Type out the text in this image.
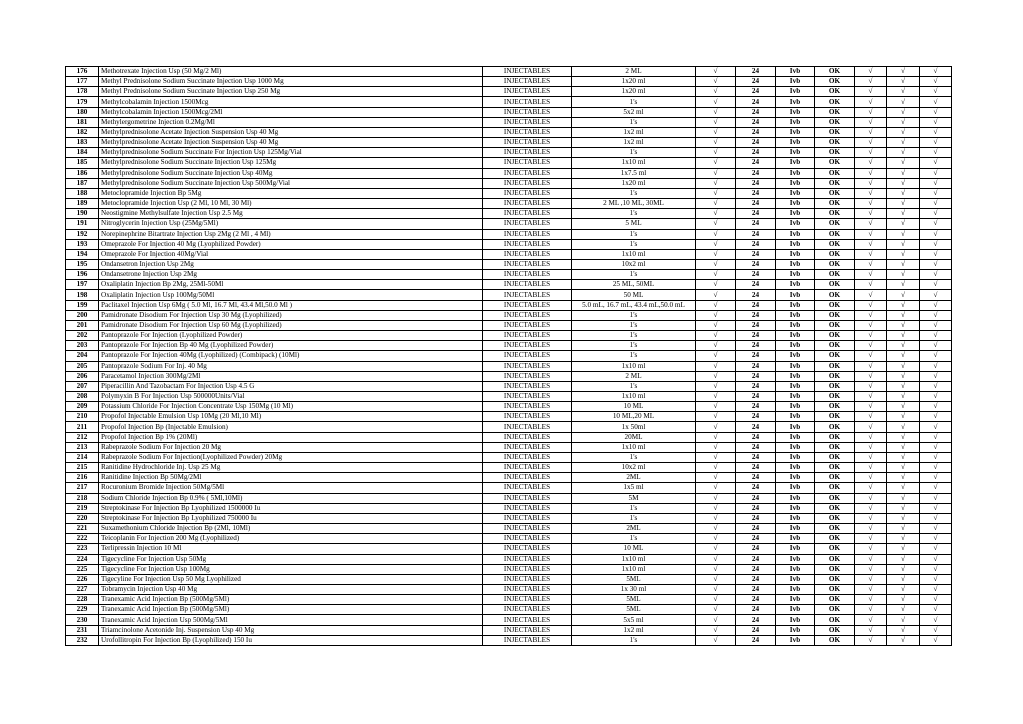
176	Methotrexate Injection Usp (50 Mg/2 Ml)	INJECTABLES	2 ML	√	24	Ivb	OK	√	√	√
177	Methyl Prednisolone Sodium Succinate Injection Usp 1000 Mg	INJECTABLES	1x20 ml	√	24	Ivb	OK	√	√	√
178	Methyl Prednisolone Sodium Succinate Injection Usp 250 Mg	INJECTABLES	1x20 ml	√	24	Ivb	OK	√	√	√
179	Methylcobalamin Injection 1500Mcg	INJECTABLES	1's	√	24	Ivb	OK	√	√	√
180	Methylcobalamin Injection 1500Mcg/2Ml	INJECTABLES	5x2 ml	√	24	Ivb	OK	√	√	√
181	Methylergometrine Injection 0.2Mg/Ml	INJECTABLES	1's	√	24	Ivb	OK	√	√	√
182	Methylprednisolone Acetate Injection Suspension Usp 40 Mg	INJECTABLES	1x2 ml	√	24	Ivb	OK	√	√	√
183	Methylprednisolone Acetate Injection Suspension Usp 40 Mg	INJECTABLES	1x2 ml	√	24	Ivb	OK	√	√	√
184	Methylprednisolone Sodium Succinate For Injection Usp 125Mg/Vial	INJECTABLES	1's	√	24	Ivb	OK	√	√	√
185	Methylprednisolone Sodium Succinate Injection Usp 125Mg	INJECTABLES	1x10 ml	√	24	Ivb	OK	√	√	√
186	Methylprednisolone Sodium Succinate Injection Usp 40Mg	INJECTABLES	1x7.5 ml	√	24	Ivb	OK	√	√	√
187	Methylprednisolone Sodium Succinate Injection Usp 500Mg/Vial	INJECTABLES	1x20 ml	√	24	Ivb	OK	√	√	√
188	Metoclopramide Injection Bp 5Mg	INJECTABLES	1's	√	24	Ivb	OK	√	√	√
189	Metoclopramide Injection Usp (2 Ml, 10 Ml, 30 Ml)	INJECTABLES	2 ML ,10 ML, 30ML	√	24	Ivb	OK	√	√	√
190	Neostigmine Methylsulfate Injection Usp 2.5 Mg	INJECTABLES	1's	√	24	Ivb	OK	√	√	√
191	Nitroglycerin Injection Usp (25Mg/5Ml)	INJECTABLES	5 ML	√	24	Ivb	OK	√	√	√
192	Norepinephrine Bitartrate Injection Usp 2Mg (2 Ml , 4 Ml)	INJECTABLES	1's	√	24	Ivb	OK	√	√	√
193	Omeprazole For Injection 40 Mg (Lyophilized Powder)	INJECTABLES	1's	√	24	Ivb	OK	√	√	√
194	Omeprazole For Injection 40Mg/Vial	INJECTABLES	1x10 ml	√	24	Ivb	OK	√	√	√
195	Ondansetron Injection Usp 2Mg	INJECTABLES	10x2 ml	√	24	Ivb	OK	√	√	√
196	Ondansetrone Injection Usp 2Mg	INJECTABLES	1's	√	24	Ivb	OK	√	√	√
197	Oxaliplatin Injection Bp 2Mg, 25Ml-50Ml	INJECTABLES	25 ML, 50ML	√	24	Ivb	OK	√	√	√
198	Oxaliplatin Injection Usp 100Mg/50Ml	INJECTABLES	50 ML	√	24	Ivb	OK	√	√	√
199	Paclitaxel Injection Usp 6Mg ( 5.0 Ml, 16.7 Ml, 43.4 Ml,50.0 Ml )	INJECTABLES	5.0 mL, 16.7 mL, 43.4 mL,50.0 mL	√	24	Ivb	OK	√	√	√
200	Pamidronate Disodium For Injection Usp 30 Mg (Lyophilized)	INJECTABLES	1's	√	24	Ivb	OK	√	√	√
201	Pamidronate Disodium For Injection Usp 60 Mg (Lyophilized)	INJECTABLES	1's	√	24	Ivb	OK	√	√	√
202	Pantoprazole For Injection (Lyophilized Powder)	INJECTABLES	1's	√	24	Ivb	OK	√	√	√
203	Pantoprazole For Injection Bp 40 Mg (Lyophilized Powder)	INJECTABLES	1's	√	24	Ivb	OK	√	√	√
204	Pantoprazole For Injection 40Mg (Lyophilized) (Combipack) (10Ml)	INJECTABLES	1's	√	24	Ivb	OK	√	√	√
205	Pantoprazole Sodium For Inj. 40 Mg	INJECTABLES	1x10 ml	√	24	Ivb	OK	√	√	√
206	Paracetamol Injection 300Mg/2Ml	INJECTABLES	2 ML	√	24	Ivb	OK	√	√	√
207	Piperacillin And Tazobactam For Injection Usp 4.5 G	INJECTABLES	1's	√	24	Ivb	OK	√	√	√
208	Polymyxin B For Injection Usp 500000Units/Vial	INJECTABLES	1x10 ml	√	24	Ivb	OK	√	√	√
209	Potassium Chloride For Injection Concentrate Usp 150Mg (10 Ml)	INJECTABLES	10 ML	√	24	Ivb	OK	√	√	√
210	Propofol Injectable Emulsion Usp 10Mg (20 Ml,10 Ml)	INJECTABLES	10 ML,20 ML	√	24	Ivb	OK	√	√	√
211	Propofol Injection Bp (Injectable Emulsion)	INJECTABLES	1x 50ml	√	24	Ivb	OK	√	√	√
212	Propofol Injection Bp 1% (20Ml)	INJECTABLES	20ML	√	24	Ivb	OK	√	√	√
213	Rabeprazole Sodium For Injection 20 Mg	INJECTABLES	1x10 ml	√	24	Ivb	OK	√	√	√
214	Rabeprazole Sodium For Injection(Lyophilized Powder) 20Mg	INJECTABLES	1's	√	24	Ivb	OK	√	√	√
215	Ranitidine Hydrochloride Inj. Usp 25 Mg	INJECTABLES	10x2 ml	√	24	Ivb	OK	√	√	√
216	Ranitidine Injection Bp 50Mg/2Ml	INJECTABLES	2ML	√	24	Ivb	OK	√	√	√
217	Rocuronium Bromide Injection 50Mg/5Ml	INJECTABLES	1x5 ml	√	24	Ivb	OK	√	√	√
218	Sodium Chloride Injection Bp 0.9% ( 5Ml,10Ml)	INJECTABLES	5M	√	24	Ivb	OK	√	√	√
219	Streptokinase For Injection Bp Lyophilized 1500000 Iu	INJECTABLES	1's	√	24	Ivb	OK	√	√	√
220	Streptokinase For Injection Bp Lyophilized 750000 Iu	INJECTABLES	1's	√	24	Ivb	OK	√	√	√
221	Suxamethonium Chloride Injection Bp (2Ml, 10Ml)	INJECTABLES	2ML	√	24	Ivb	OK	√	√	√
222	Teicoplanin For Injection 200 Mg (Lyophilized)	INJECTABLES	1's	√	24	Ivb	OK	√	√	√
223	Terlipressin Injection 10 Ml	INJECTABLES	10 ML	√	24	Ivb	OK	√	√	√
224	Tigecycline For Injection Usp 50Mg	INJECTABLES	1x10 ml	√	24	Ivb	OK	√	√	√
225	Tigecycline For Injection Usp 100Mg	INJECTABLES	1x10 ml	√	24	Ivb	OK	√	√	√
226	Tigecyline For Injection Usp 50 Mg Lyophilized	INJECTABLES	5ML	√	24	Ivb	OK	√	√	√
227	Tobramycin Injection Usp 40 Mg	INJECTABLES	1x 30 ml	√	24	Ivb	OK	√	√	√
228	Tranexamic Acid Injection Bp (500Mg/5Ml)	INJECTABLES	5ML	√	24	Ivb	OK	√	√	√
229	Tranexamic Acid Injection Bp (500Mg/5Ml)	INJECTABLES	5ML	√	24	Ivb	OK	√	√	√
230	Tranexamic Acid Injection Usp 500Mg/5Ml	INJECTABLES	5x5 ml	√	24	Ivb	OK	√	√	√
231	Triamcinolone Acetonide Inj. Suspension Usp 40 Mg	INJECTABLES	1x2 ml	√	24	Ivb	OK	√	√	√
232	Urofollitropin For Injection Bp (Lyophilized) 150 Iu	INJECTABLES	1's	√	24	Ivb	OK	√	√	√
